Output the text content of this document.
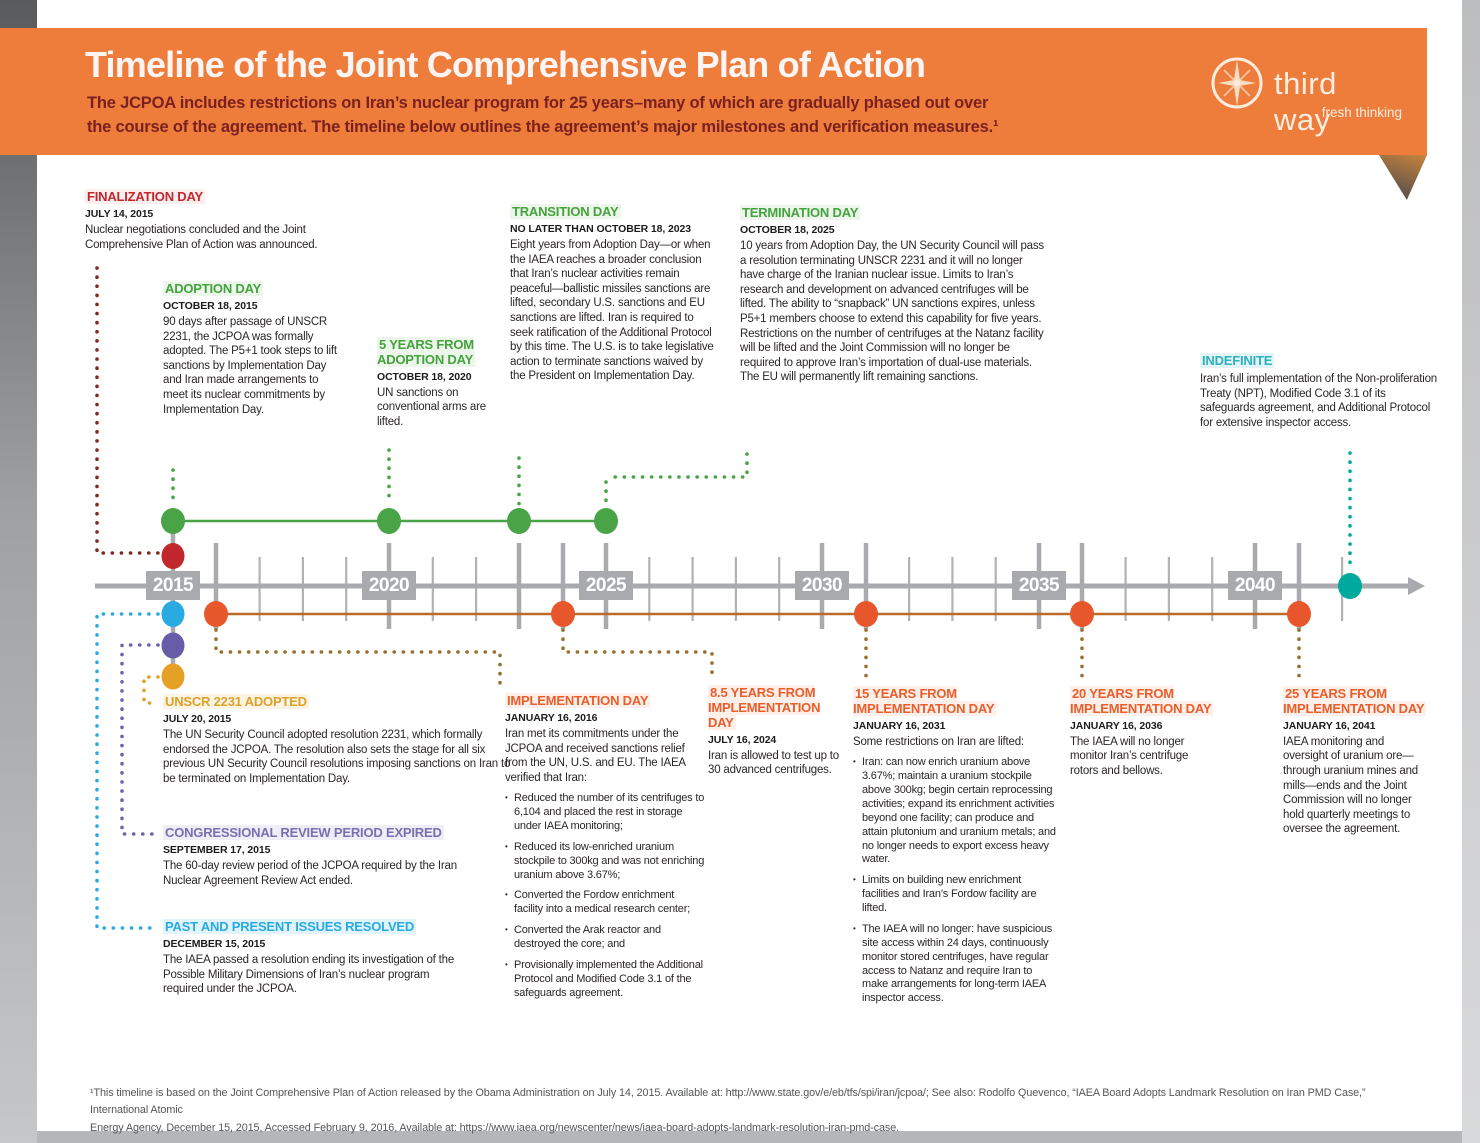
2015	2020	2025	2030	2035	2040
Timeline of the Joint Comprehensive Plan of Action
The JCPOA includes restrictions on Iran’s nuclear program for 25 years–many of which are gradually phased out over
the course of the agreement. The timeline below outlines the agreement’s major milestones and verification measures.¹
third way
fresh thinking
FINALIZATION DAY
JULY 14, 2015
Nuclear negotiations concluded and the Joint Comprehensive Plan of Action was announced.
ADOPTION DAY
OCTOBER 18, 2015
90 days after passage of UNSCR 2231, the JCPOA was formally adopted. The P5+1 took steps to lift sanctions by Implementation Day and Iran made arrangements to meet its nuclear commitments by Implementation Day.
5 YEARS FROM ADOPTION DAY
OCTOBER 18, 2020
UN sanctions on conventional arms are lifted.
TRANSITION DAY
NO LATER THAN OCTOBER 18, 2023
Eight years from Adoption Day—or when the IAEA reaches a broader conclusion that Iran’s nuclear activities remain peaceful—ballistic missiles sanctions are lifted, secondary U.S. sanctions and EU sanctions are lifted. Iran is required to seek ratification of the Additional Protocol by this time. The U.S. is to take legislative action to terminate sanctions waived by the President on Implementation Day.
TERMINATION DAY
OCTOBER 18, 2025
10 years from Adoption Day, the UN Security Council will pass a resolution terminating UNSCR 2231 and it will no longer have charge of the Iranian nuclear issue. Limits to Iran’s research and development on advanced centrifuges will be lifted. The ability to “snapback” UN sanctions expires, unless P5+1 members choose to extend this capability for five years. Restrictions on the number of centrifuges at the Natanz facility will be lifted and the Joint Commission will no longer be required to approve Iran’s importation of dual-use materials. The EU will permanently lift remaining sanctions.
INDEFINITE
Iran’s full implementation of the Non-proliferation Treaty (NPT), Modified Code 3.1 of its safeguards agreement, and Additional Protocol for extensive inspector access.
UNSCR 2231 ADOPTED
JULY 20, 2015
The UN Security Council adopted resolution 2231, which formally endorsed the JCPOA. The resolution also sets the stage for all six previous UN Security Council resolutions imposing sanctions on Iran to be terminated on Implementation Day.
CONGRESSIONAL REVIEW PERIOD EXPIRED
SEPTEMBER 17, 2015
The 60-day review period of the JCPOA required by the Iran Nuclear Agreement Review Act ended.
PAST AND PRESENT ISSUES RESOLVED
DECEMBER 15, 2015
The IAEA passed a resolution ending its investigation of the Possible Military Dimensions of Iran’s nuclear program required under the JCPOA.
IMPLEMENTATION DAY
JANUARY 16, 2016
Iran met its commitments under the JCPOA and received sanctions relief from the UN, U.S. and EU. The IAEA verified that Iran:
• Reduced the number of its centrifuges to 6,104 and placed the rest in storage under IAEA monitoring;
• Reduced its low-enriched uranium stockpile to 300kg and was not enriching uranium above 3.67%;
• Converted the Fordow enrichment facility into a medical research center;
• Converted the Arak reactor and destroyed the core; and
• Provisionally implemented the Additional Protocol and Modified Code 3.1 of the safeguards agreement.
8.5 YEARS FROM IMPLEMENTATION DAY
JULY 16, 2024
Iran is allowed to test up to 30 advanced centrifuges.
15 YEARS FROM IMPLEMENTATION DAY
JANUARY 16, 2031
Some restrictions on Iran are lifted:
• Iran: can now enrich uranium above 3.67%; maintain a uranium stockpile above 300kg; begin certain reprocessing activities; expand its enrichment activities beyond one facility; can produce and attain plutonium and uranium metals; and no longer needs to export excess heavy water.
• Limits on building new enrichment facilities and Iran’s Fordow facility are lifted.
• The IAEA will no longer: have suspicious site access within 24 days, continuously monitor stored centrifuges, have regular access to Natanz and require Iran to make arrangements for long-term IAEA inspector access.
20 YEARS FROM IMPLEMENTATION DAY
JANUARY 16, 2036
The IAEA will no longer monitor Iran’s centrifuge rotors and bellows.
25 YEARS FROM IMPLEMENTATION DAY
JANUARY 16, 2041
IAEA monitoring and oversight of uranium ore—through uranium mines and mills—ends and the Joint Commission will no longer hold quarterly meetings to oversee the agreement.
¹This timeline is based on the Joint Comprehensive Plan of Action released by the Obama Administration on July 14, 2015. Available at: http://www.state.gov/e/eb/tfs/spi/iran/jcpoa/; See also: Rodolfo Quevenco, “IAEA Board Adopts Landmark Resolution on Iran PMD Case,” International Atomic
Energy Agency, December 15, 2015, Accessed February 9, 2016, Available at: https://www.iaea.org/newscenter/news/iaea-board-adopts-landmark-resolution-iran-pmd-case.
